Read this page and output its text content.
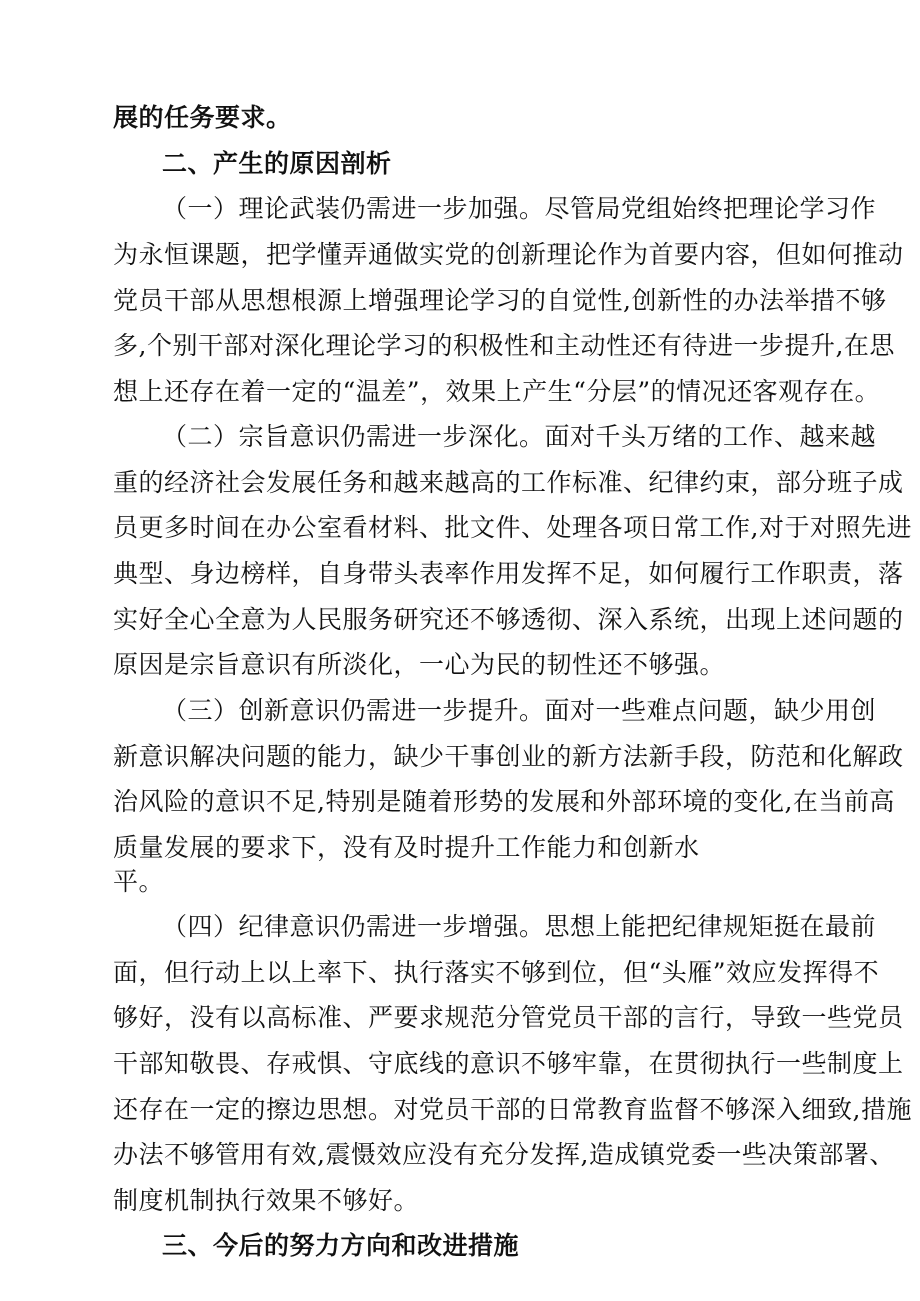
展的任务要求。
二、产生的原因剖析
（一）理论武装仍需进一步加强。尽管局党组始终把理论学习作
为永恒课题，把学懂弄通做实党的创新理论作为首要内容，但如何推动
党员干部从思想根源上增强理论学习的自觉性,创新性的办法举措不够
多,个别干部对深化理论学习的积极性和主动性还有待进一步提升,在思
想上还存在着一定的“温差”，效果上产生“分层”的情况还客观存在。
（二）宗旨意识仍需进一步深化。面对千头万绪的工作、越来越
重的经济社会发展任务和越来越高的工作标准、纪律约束，部分班子成
员更多时间在办公室看材料、批文件、处理各项日常工作,对于对照先进
典型、身边榜样，自身带头表率作用发挥不足，如何履行工作职责，落
实好全心全意为人民服务研究还不够透彻、深入系统，出现上述问题的
原因是宗旨意识有所淡化，一心为民的韧性还不够强。
（三）创新意识仍需进一步提升。面对一些难点问题，缺少用创
新意识解决问题的能力，缺少干事创业的新方法新手段，防范和化解政
治风险的意识不足,特别是随着形势的发展和外部环境的变化,在当前高
质量发展的要求下，没有及时提升工作能力和创新水
平。
（四）纪律意识仍需进一步增强。思想上能把纪律规矩挺在最前
面，但行动上以上率下、执行落实不够到位，但“头雁”效应发挥得不
够好，没有以高标准、严要求规范分管党员干部的言行，导致一些党员
干部知敬畏、存戒惧、守底线的意识不够牢靠，在贯彻执行一些制度上
还存在一定的擦边思想。对党员干部的日常教育监督不够深入细致,措施
办法不够管用有效,震慑效应没有充分发挥,造成镇党委一些决策部署、
制度机制执行效果不够好。
三、今后的努力方向和改进措施
